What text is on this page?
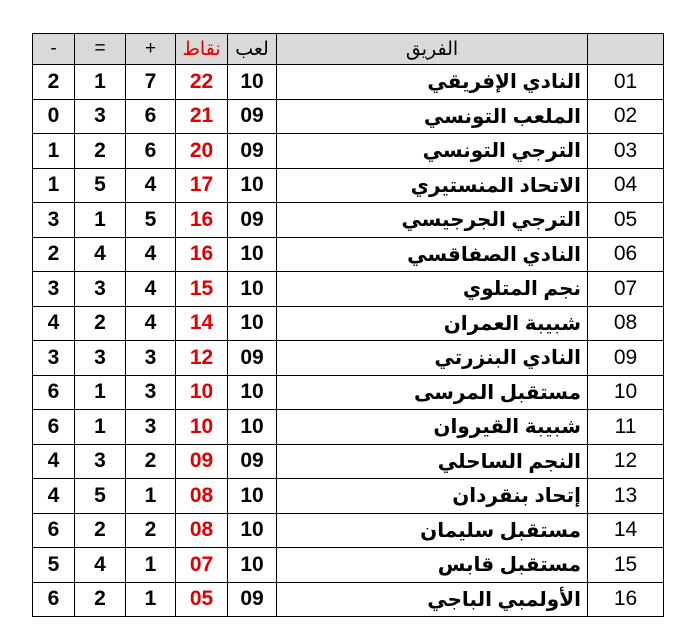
-	=	+	نقاط	لعب	الفريق	
2	1	7	22	10	النادي الإفريقي	01
0	3	6	21	09	الملعب التونسي	02
1	2	6	20	09	الترجي التونسي	03
1	5	4	17	10	الاتحاد المنستيري	04
3	1	5	16	09	الترجي الجرجيسي	05
2	4	4	16	10	النادي الصفاقسي	06
3	3	4	15	10	نجم المتلوي	07
4	2	4	14	10	شبيبة العمران	08
3	3	3	12	09	النادي البنزرتي	09
6	1	3	10	10	مستقبل المرسى	10
6	1	3	10	10	شبيبة القيروان	11
4	3	2	09	09	النجم الساحلي	12
4	5	1	08	10	إتحاد بنقردان	13
6	2	2	08	10	مستقبل سليمان	14
5	4	1	07	10	مستقبل قابس	15
6	2	1	05	09	الأولمبي الباجي	16
